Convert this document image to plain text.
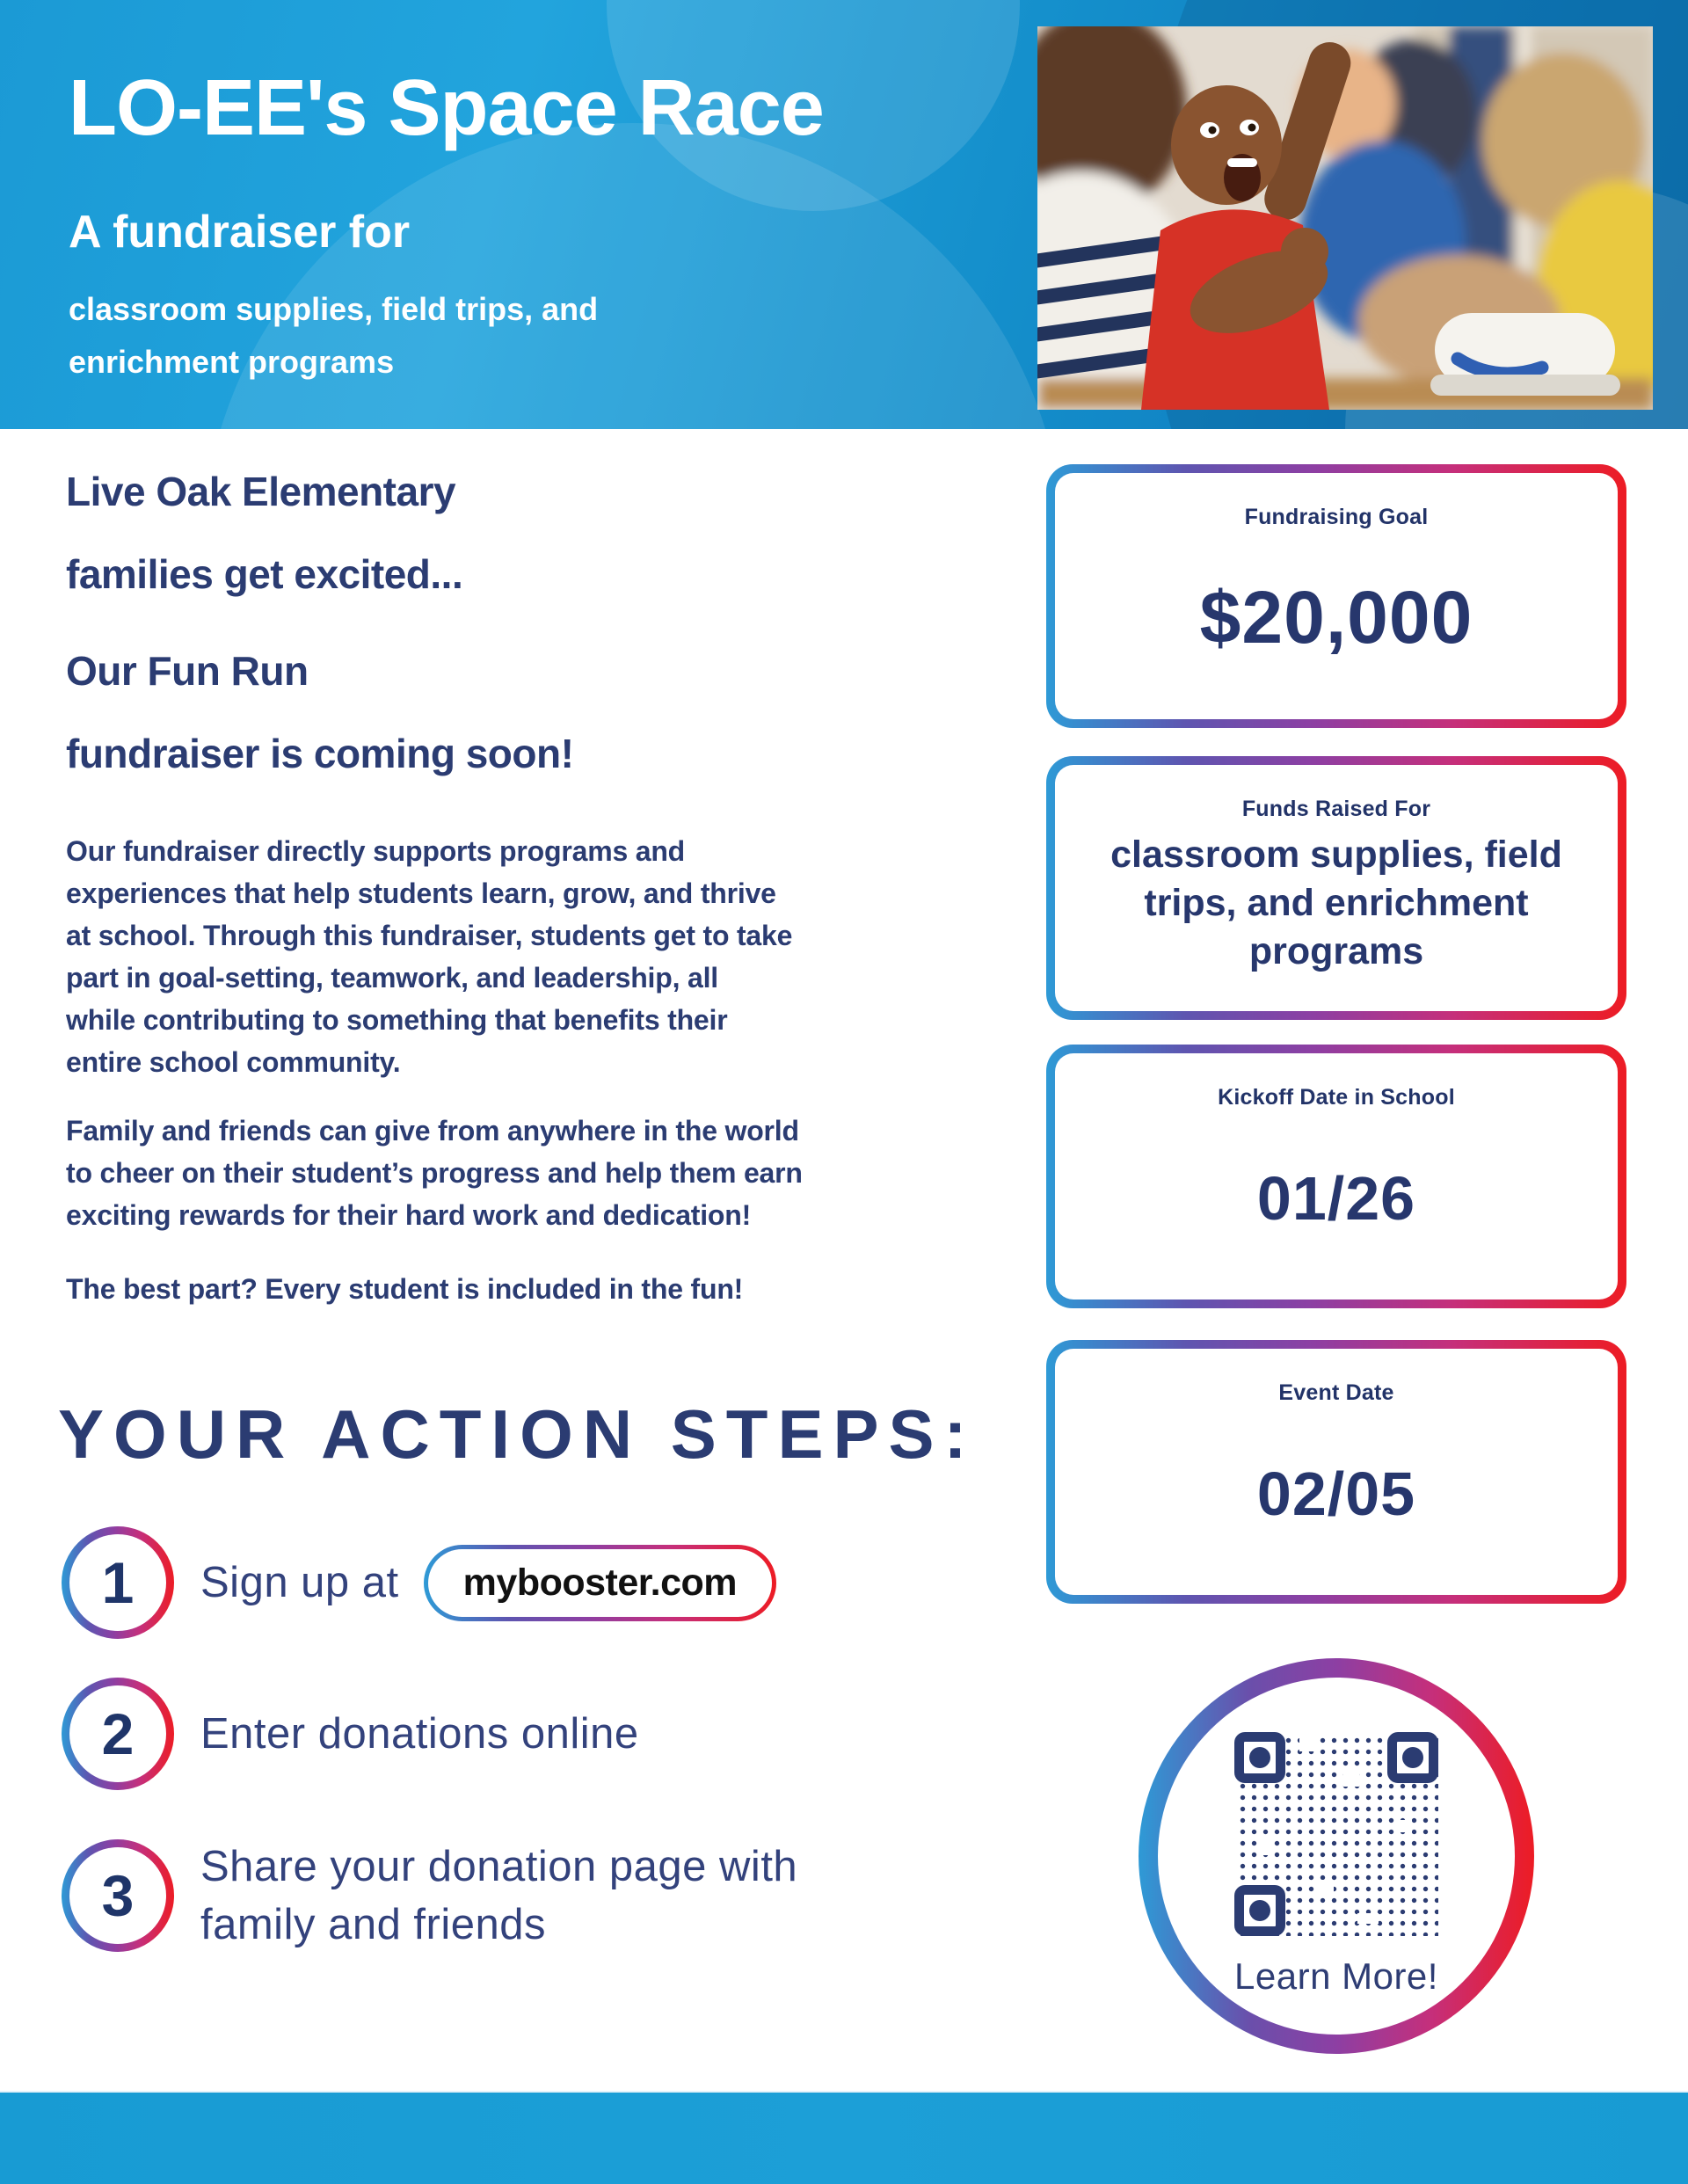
LO-EE's Space Race
A fundraiser for
classroom supplies, field trips, and
enrichment programs
Live Oak Elementary
families get excited...
Our Fun Run
fundraiser is coming soon!

Our fundraiser directly supports programs and
experiences that help students learn, grow, and thrive
at school. Through this fundraiser, students get to take
part in goal-setting, teamwork, and leadership, all
while contributing to something that benefits their
entire school community.

Family and friends can give from anywhere in the world
to cheer on their student’s progress and help them earn
exciting rewards for their hard work and dedication!

The best part? Every student is included in the fun!

YOUR ACTION STEPS:
1	Sign up at	mybooster.com
2	Enter donations online
3	Share your donation page with family and friends
Fundraising Goal
$20,000
Funds Raised For
classroom supplies, field
trips, and enrichment
programs
Kickoff Date in School
01/26
Event Date
02/05
Learn More!
